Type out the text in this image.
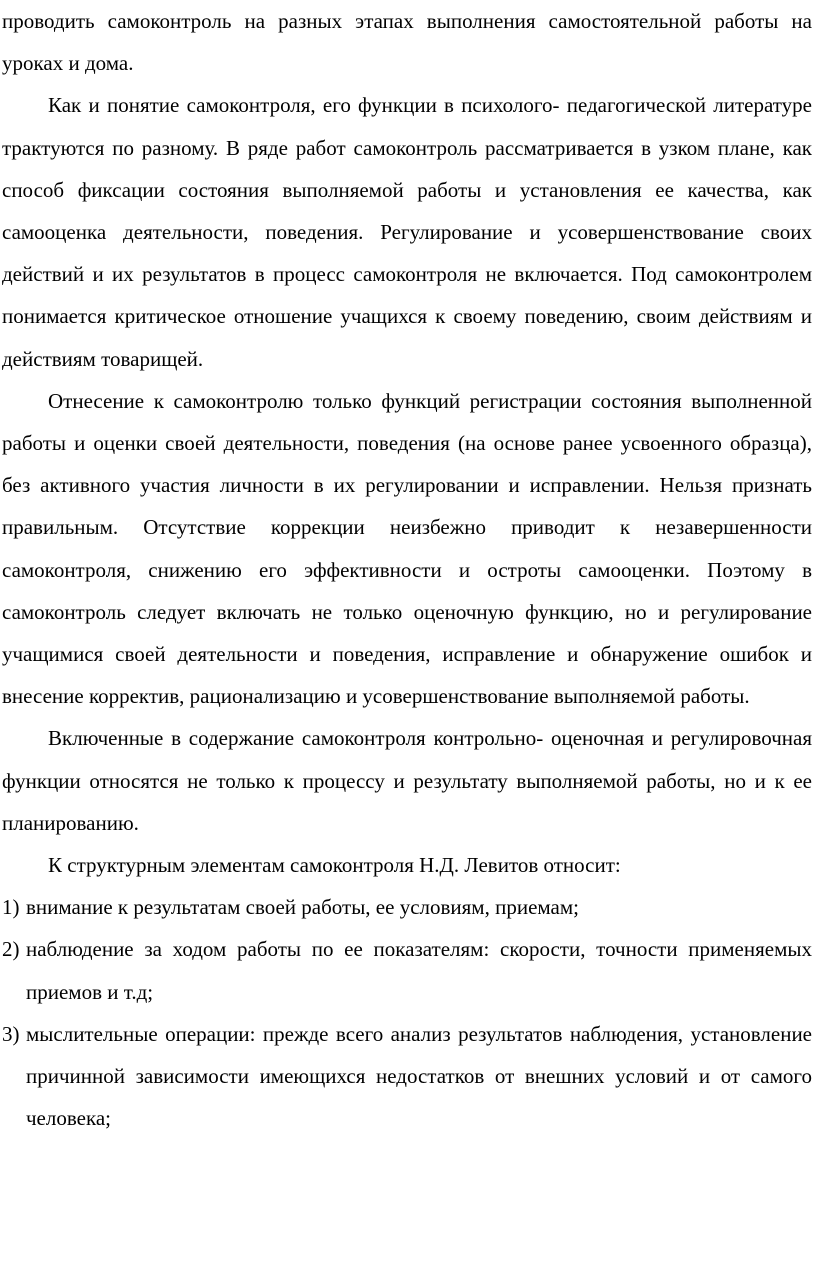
проводить самоконтроль на разных этапах выполнения самостоятельной работы на уроках и дома.

Как и понятие самоконтроля, его функции в психолого- педагогической литературе трактуются по разному. В ряде работ самоконтроль рассматривается в узком плане, как способ фиксации состояния выполняемой работы и установления ее качества, как самооценка деятельности, поведения. Регулирование и усовершенствование своих действий и их результатов в процесс самоконтроля не включается. Под самоконтролем понимается критическое отношение учащихся к своему поведению, своим действиям и действиям товарищей.

Отнесение к самоконтролю только функций регистрации состояния выполненной работы и оценки своей деятельности, поведения (на основе ранее усвоенного образца), без активного участия личности в их регулировании и исправлении. Нельзя признать правильным. Отсутствие коррекции неизбежно приводит к незавершенности самоконтроля, снижению его эффективности и остроты самооценки. Поэтому в самоконтроль следует включать не только оценочную функцию, но и регулирование учащимися своей деятельности и поведения, исправление и обнаружение ошибок и внесение корректив, рационализацию и усовершенствование выполняемой работы.

Включенные в содержание самоконтроля контрольно- оценочная и регулировочная функции относятся не только к процессу и результату выполняемой работы, но и к ее планированию.

К структурным элементам самоконтроля Н.Д. Левитов относит:

1) внимание к результатам своей работы, ее условиям, приемам;
2) наблюдение за ходом работы по ее показателям: скорости, точности применяемых приемов и т.д;
3) мыслительные операции: прежде всего анализ результатов наблюдения, установление причинной зависимости имеющихся недостатков от внешних условий и от самого человека;
